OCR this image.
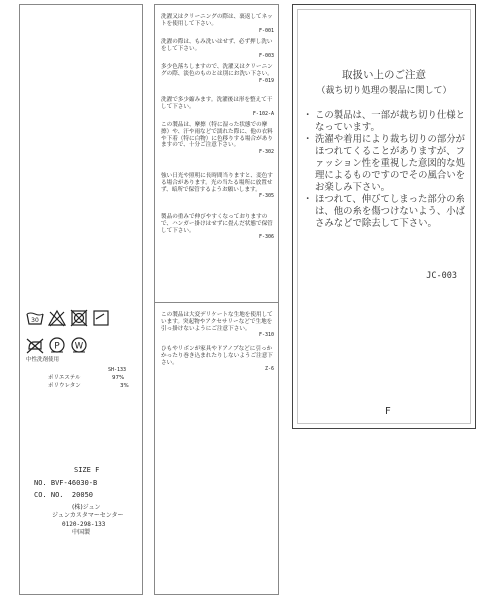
30
P W
中性洗剤使用
SH-133
ポリエステル	97%
ポリウレタン	3%
SIZE F
NO. BVF-46030-B
CO. NO.  20050
(株)ジュン
ジュンカスタマーセンター
0120-298-133
中国製
洗濯又はクリーニングの際は、裏返してネットを使用して下さい。
F-001
洗濯の際は、もみ洗いはせず、必ず押し洗いをして下さい。
F-003
多少色落ちしますので、洗濯又はクリーニングの際、淡色のものとは別にお洗い下さい。
F-019
洗濯で多少縮みます。洗濯後は形を整えて干して下さい。
F-102-A
この製品は、摩擦（特に湿った状態での摩擦）や、汗や雨などで濡れた際に、他の衣料や下着（特に白物）に色移りする場合がありますので、十分ご注意下さい。
F-302
強い日光や照明に長時間当りますと、変色する場合があります。光の当たる場所に放置せず、暗所で保管するようお願いします。
F-305
製品の重みで伸びやすくなっておりますので、ハンガー掛けはせずに畳んだ状態で保管して下さい。
F-306
この製品は大変デリケートな生地を使用しています。突起物やアクセサリーなどで生地を引っ掛けないようにご注意下さい。
F-310
ひもやリボンが家具やドアノブなどに引っかかったり巻き込まれたりしないようご注意下さい。
Z-6
取扱い上のご注意
（裁ち切り処理の製品に関して）
・ この製品は、一部が裁ち切り仕様となっています。
・ 洗濯や着用により裁ち切りの部分がほつれてくることがありますが、ファッション性を重視した意図的な処理によるものですのでその風合いをお楽しみ下さい。
・ ほつれて、伸びてしまった部分の糸は、他の糸を傷つけないよう、小ばさみなどで除去して下さい。
JC-003
F
